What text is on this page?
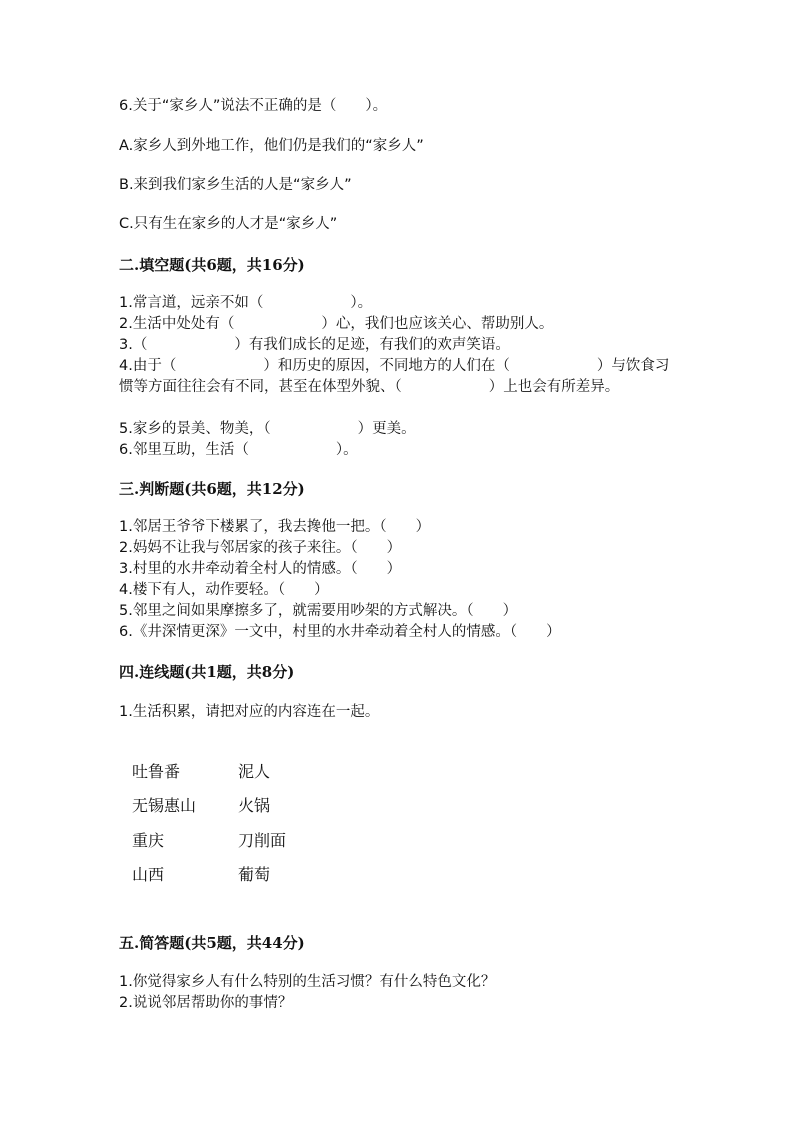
6.关于“家乡人”说法不正确的是（　　）。
A.家乡人到外地工作，他们仍是我们的“家乡人”
B.来到我们家乡生活的人是“家乡人”
C.只有生在家乡的人才是“家乡人”
二.填空题(共6题，共16分)
1.常言道，远亲不如（　　　　　　）。
2.生活中处处有（　　　　　　）心，我们也应该关心、帮助别人。
3.（　　　　　　）有我们成长的足迹，有我们的欢声笑语。
4.由于（　　　　　　）和历史的原因，不同地方的人们在（　　　　　　）与饮食习惯等方面往往会有不同，甚至在体型外貌、（　　　　　　）上也会有所差异。
5.家乡的景美、物美，（　　　　　　）更美。
6.邻里互助，生活（　　　　　　）。
三.判断题(共6题，共12分)
1.邻居王爷爷下楼累了，我去搀他一把。（　　）
2.妈妈不让我与邻居家的孩子来往。（　　）
3.村里的水井牵动着全村人的情感。（　　）
4.楼下有人，动作要轻。（　　）
5.邻里之间如果摩擦多了，就需要用吵架的方式解决。（　　）
6.《井深情更深》一文中，村里的水井牵动着全村人的情感。（　　）
四.连线题(共1题，共8分)
1.生活积累，请把对应的内容连在一起。
吐鲁番	泥人
无锡惠山	火锅
重庆	刀削面
山西	葡萄
五.简答题(共5题，共44分)
1.你觉得家乡人有什么特别的生活习惯？有什么特色文化？
2.说说邻居帮助你的事情？
